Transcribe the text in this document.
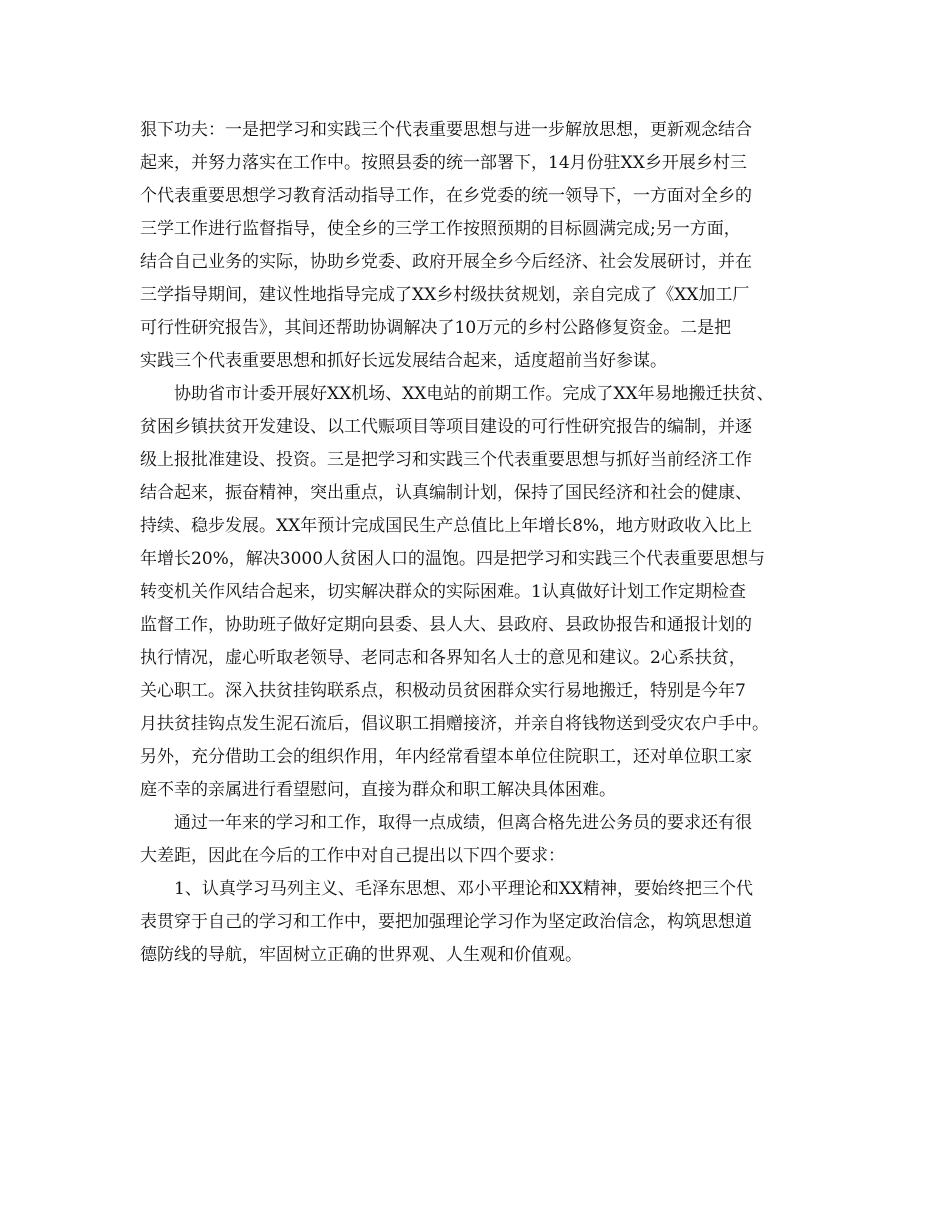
狠下功夫：一是把学习和实践三个代表重要思想与进一步解放思想，更新观念结合
起来，并努力落实在工作中。按照县委的统一部署下，14月份驻XX乡开展乡村三
个代表重要思想学习教育活动指导工作，在乡党委的统一领导下，一方面对全乡的
三学工作进行监督指导，使全乡的三学工作按照预期的目标圆满完成;另一方面，
结合自己业务的实际，协助乡党委、政府开展全乡今后经济、社会发展研讨，并在
三学指导期间，建议性地指导完成了XX乡村级扶贫规划，亲自完成了《XX加工厂
可行性研究报告》，其间还帮助协调解决了10万元的乡村公路修复资金。二是把
实践三个代表重要思想和抓好长远发展结合起来，适度超前当好参谋。
　　协助省市计委开展好XX机场、XX电站的前期工作。完成了XX年易地搬迁扶贫、
贫困乡镇扶贫开发建设、以工代赈项目等项目建设的可行性研究报告的编制，并逐
级上报批准建设、投资。三是把学习和实践三个代表重要思想与抓好当前经济工作
结合起来，振奋精神，突出重点，认真编制计划，保持了国民经济和社会的健康、
持续、稳步发展。XX年预计完成国民生产总值比上年增长8%，地方财政收入比上
年增长20%，解决3000人贫困人口的温饱。四是把学习和实践三个代表重要思想与
转变机关作风结合起来，切实解决群众的实际困难。1认真做好计划工作定期检查
监督工作，协助班子做好定期向县委、县人大、县政府、县政协报告和通报计划的
执行情况，虚心听取老领导、老同志和各界知名人士的意见和建议。2心系扶贫，
关心职工。深入扶贫挂钩联系点，积极动员贫困群众实行易地搬迁，特别是今年7
月扶贫挂钩点发生泥石流后，倡议职工捐赠接济，并亲自将钱物送到受灾农户手中。
另外，充分借助工会的组织作用，年内经常看望本单位住院职工，还对单位职工家
庭不幸的亲属进行看望慰问，直接为群众和职工解决具体困难。
　　通过一年来的学习和工作，取得一点成绩，但离合格先进公务员的要求还有很
大差距，因此在今后的工作中对自己提出以下四个要求：
　　1、认真学习马列主义、毛泽东思想、邓小平理论和XX精神，要始终把三个代
表贯穿于自己的学习和工作中，要把加强理论学习作为坚定政治信念，构筑思想道
德防线的导航，牢固树立正确的世界观、人生观和价值观。
